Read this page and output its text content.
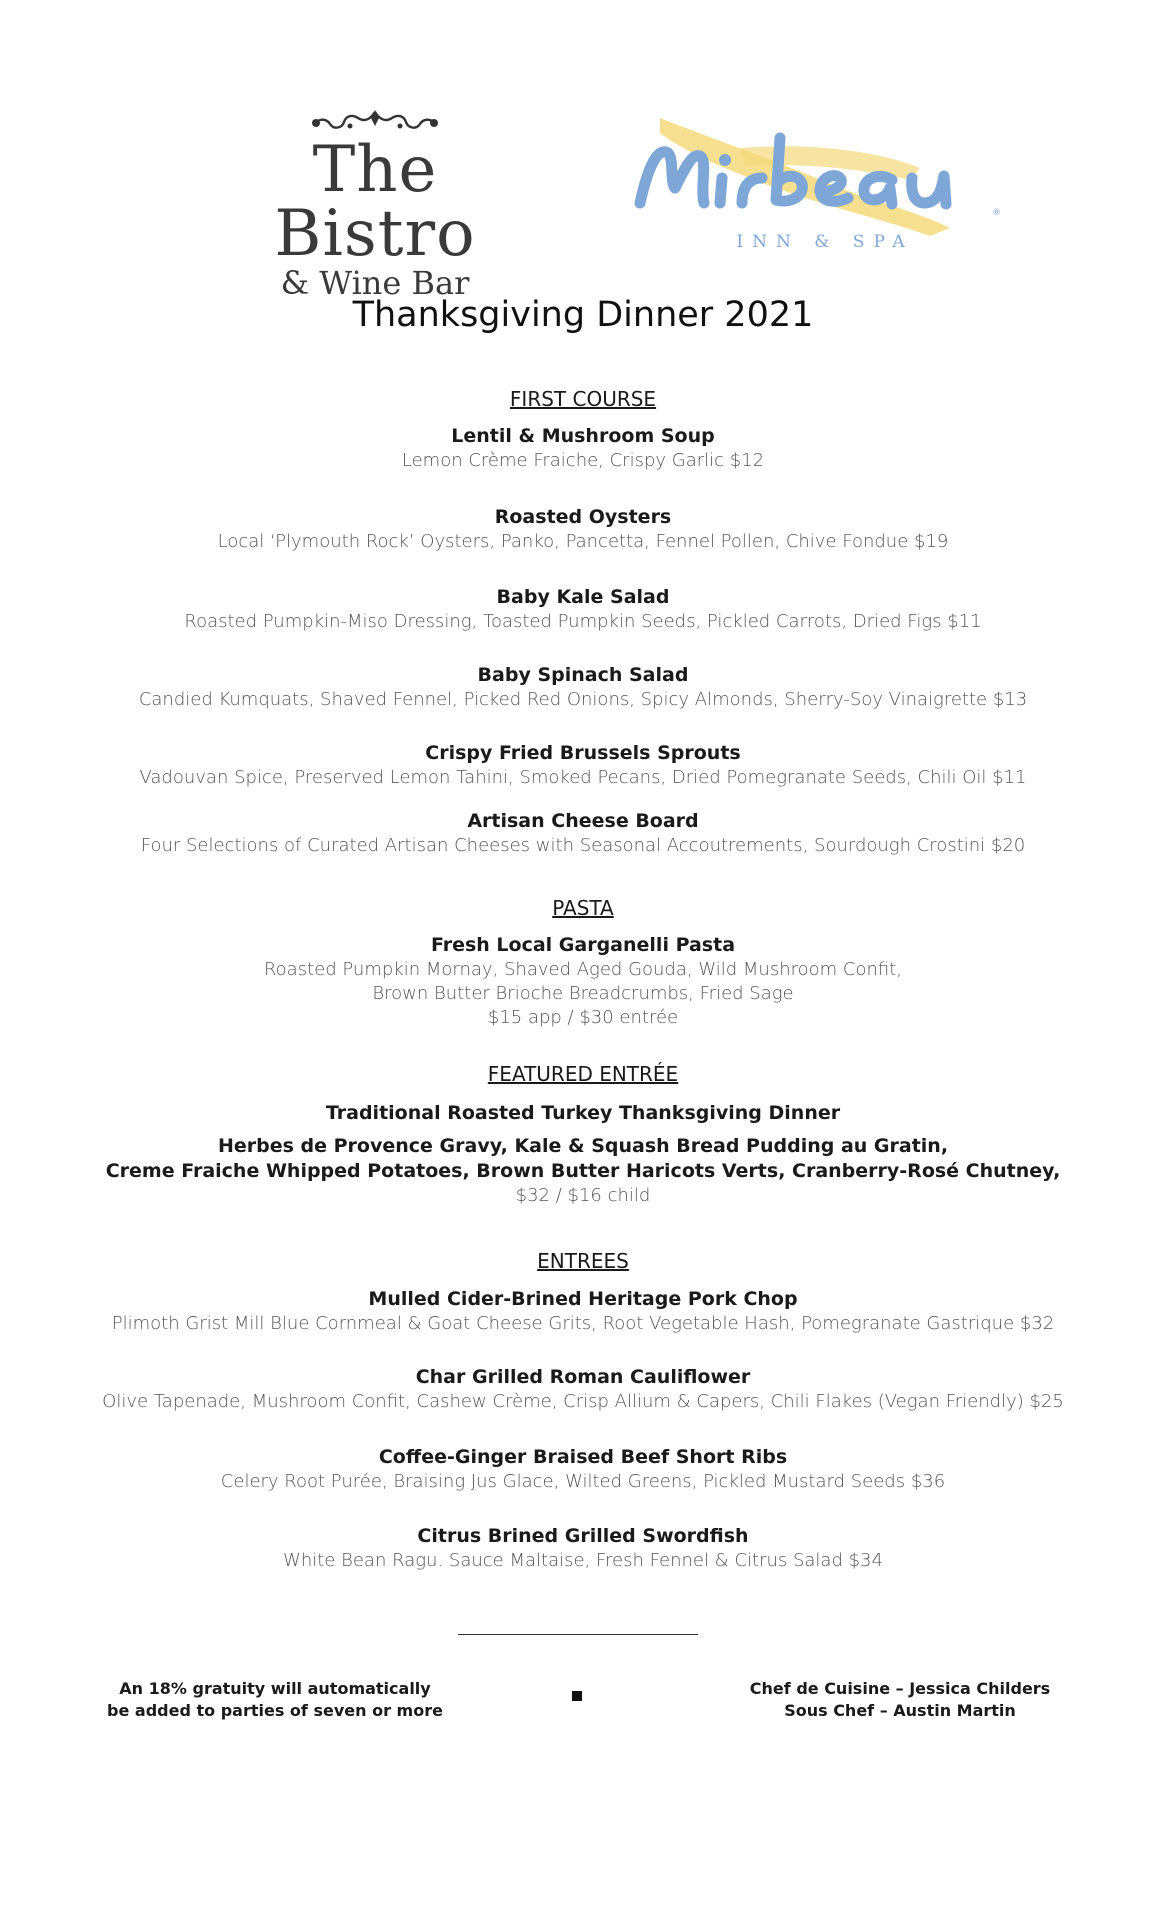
The Bistro
& Wine Bar
®
INN & SPA
Thanksgiving Dinner 2021
FIRST COURSE
Lentil & Mushroom Soup
Lemon Crème Fraiche, Crispy Garlic $12
Roasted Oysters
Local ‘Plymouth Rock’ Oysters, Panko, Pancetta, Fennel Pollen, Chive Fondue $19
Baby Kale Salad
Roasted Pumpkin-Miso Dressing, Toasted Pumpkin Seeds, Pickled Carrots, Dried Figs $11
Baby Spinach Salad
Candied Kumquats, Shaved Fennel, Picked Red Onions, Spicy Almonds, Sherry-Soy Vinaigrette $13
Crispy Fried Brussels Sprouts
Vadouvan Spice, Preserved Lemon Tahini, Smoked Pecans, Dried Pomegranate Seeds, Chili Oil $11
Artisan Cheese Board
Four Selections of Curated Artisan Cheeses with Seasonal Accoutrements, Sourdough Crostini $20
PASTA
Fresh Local Garganelli Pasta
Roasted Pumpkin Mornay, Shaved Aged Gouda, Wild Mushroom Confit,
Brown Butter Brioche Breadcrumbs, Fried Sage
$15 app / $30 entrée
FEATURED ENTRÉE
Traditional Roasted Turkey Thanksgiving Dinner
Herbes de Provence Gravy, Kale & Squash Bread Pudding au Gratin,
Creme Fraiche Whipped Potatoes, Brown Butter Haricots Verts, Cranberry-Rosé Chutney,
$32 / $16 child
ENTREES
Mulled Cider-Brined Heritage Pork Chop
Plimoth Grist Mill Blue Cornmeal & Goat Cheese Grits, Root Vegetable Hash, Pomegranate Gastrique $32
Char Grilled Roman Cauliflower
Olive Tapenade, Mushroom Confit, Cashew Crème, Crisp Allium & Capers, Chili Flakes (Vegan Friendly) $25
Coffee-Ginger Braised Beef Short Ribs
Celery Root Purée, Braising Jus Glace, Wilted Greens, Pickled Mustard Seeds $36
Citrus Brined Grilled Swordfish
White Bean Ragu. Sauce Maltaise, Fresh Fennel & Citrus Salad $34
An 18% gratuity will automatically
be added to parties of seven or more
Chef de Cuisine – Jessica Childers
Sous Chef – Austin Martin
